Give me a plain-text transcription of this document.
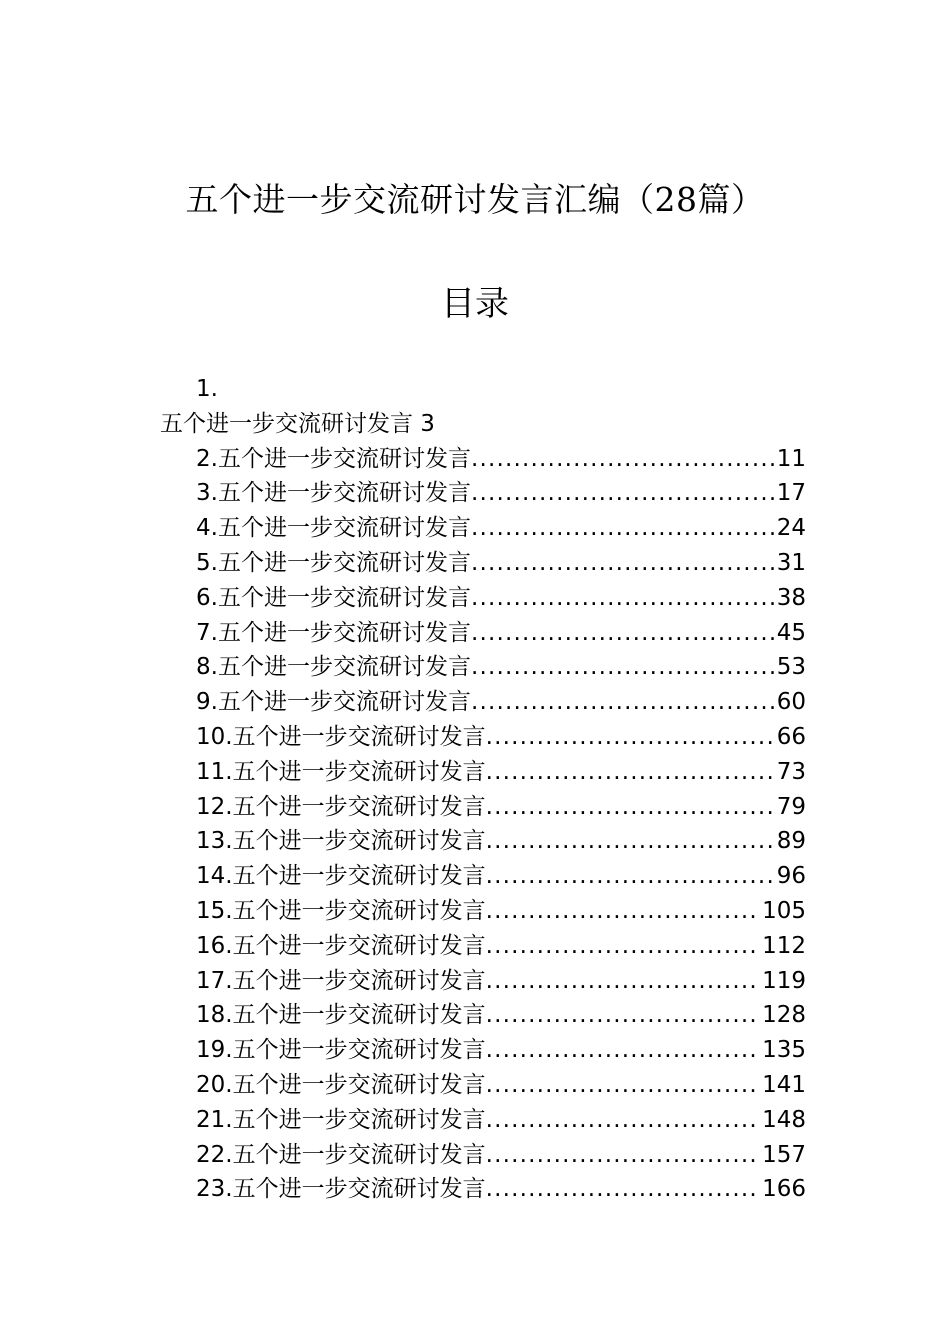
五个进一步交流研讨发言汇编（28篇）
目录
1.
五个进一步交流研讨发言 3
2.五个进一步交流研讨发言 .....	11
3.五个进一步交流研讨发言 .....	17
4.五个进一步交流研讨发言 .....	24
5.五个进一步交流研讨发言 .....	31
6.五个进一步交流研讨发言 .....	38
7.五个进一步交流研讨发言 .....	45
8.五个进一步交流研讨发言 .....	53
9.五个进一步交流研讨发言 .....	60
10.五个进一步交流研讨发言 .....	66
11.五个进一步交流研讨发言 .....	73
12.五个进一步交流研讨发言 .....	79
13.五个进一步交流研讨发言 .....	89
14.五个进一步交流研讨发言 .....	96
15.五个进一步交流研讨发言 .....	105
16.五个进一步交流研讨发言 .....	112
17.五个进一步交流研讨发言 .....	119
18.五个进一步交流研讨发言 .....	128
19.五个进一步交流研讨发言 .....	135
20.五个进一步交流研讨发言 .....	141
21.五个进一步交流研讨发言 .....	148
22.五个进一步交流研讨发言 .....	157
23.五个进一步交流研讨发言 .....	166
